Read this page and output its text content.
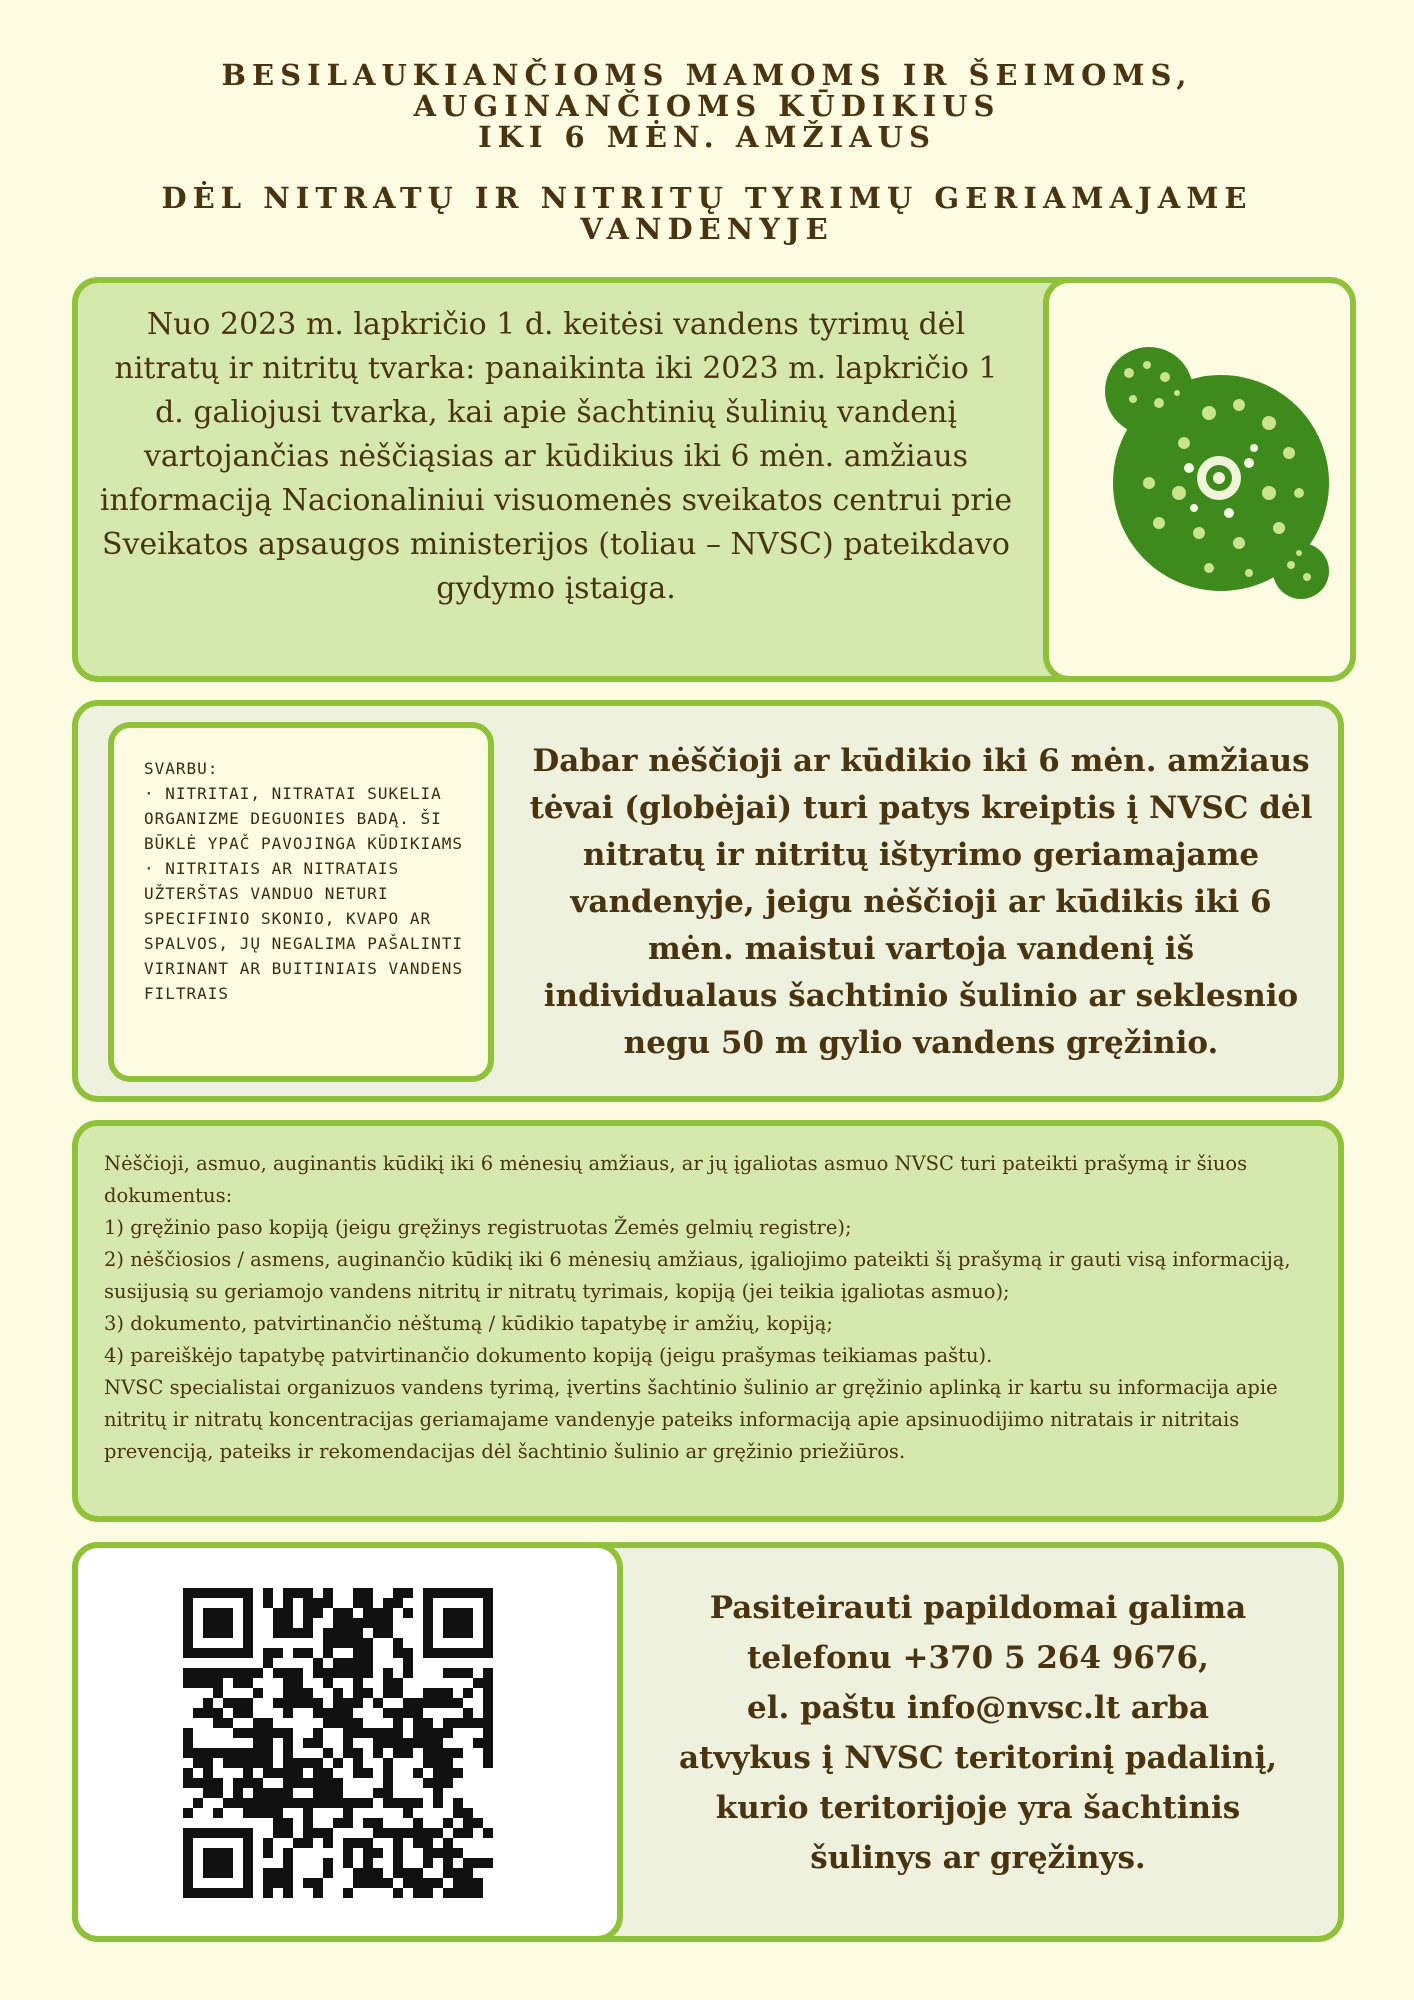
BESILAUKIANČIOMS MAMOMS IR ŠEIMOMS,
AUGINANČIOMS KŪDIKIUS
IKI 6 MĖN. AMŽIAUS
DĖL NITRATŲ IR NITRITŲ TYRIMŲ GERIAMAJAME
VANDENYJE
Nuo 2023 m. lapkričio 1 d. keitėsi vandens tyrimų dėl nitratų ir nitritų tvarka: panaikinta iki 2023 m. lapkričio 1 d. galiojusi tvarka, kai apie šachtinių šulinių vandenį vartojančias nėščiąsias ar kūdikius iki 6 mėn. amžiaus informaciją Nacionaliniui visuomenės sveikatos centrui prie Sveikatos apsaugos ministerijos (toliau – NVSC) pateikdavo gydymo įstaiga.
SVARBU:
· NITRITAI, NITRATAI SUKELIA ORGANIZME DEGUONIES BADĄ. ŠI BŪKLĖ YPAČ PAVOJINGA KŪDIKIAMS
· NITRITAIS AR NITRATAIS UŽTERŠTAS VANDUO NETURI SPECIFINIO SKONIO, KVAPO AR SPALVOS, JŲ NEGALIMA PAŠALINTI VIRINANT AR BUITINIAIS VANDENS FILTRAIS
Dabar nėščioji ar kūdikio iki 6 mėn. amžiaus tėvai (globėjai) turi patys kreiptis į NVSC dėl nitratų ir nitritų ištyrimo geriamajame vandenyje, jeigu nėščioji ar kūdikis iki 6 mėn. maistui vartoja vandenį iš individualaus šachtinio šulinio ar seklesnio negu 50 m gylio vandens gręžinio.
Nėščioji, asmuo, auginantis kūdikį iki 6 mėnesių amžiaus, ar jų įgaliotas asmuo NVSC turi pateikti prašymą ir šiuos dokumentus:
1) gręžinio paso kopiją (jeigu gręžinys registruotas Žemės gelmių registre);
2) nėščiosios / asmens, auginančio kūdikį iki 6 mėnesių amžiaus, įgaliojimo pateikti šį prašymą ir gauti visą informaciją, susijusią su geriamojo vandens nitritų ir nitratų tyrimais, kopiją (jei teikia įgaliotas asmuo);
3) dokumento, patvirtinančio nėštumą / kūdikio tapatybę ir amžių, kopiją;
4) pareiškėjo tapatybę patvirtinančio dokumento kopiją (jeigu prašymas teikiamas paštu).
NVSC specialistai organizuos vandens tyrimą, įvertins šachtinio šulinio ar gręžinio aplinką ir kartu su informacija apie nitritų ir nitratų koncentracijas geriamajame vandenyje pateiks informaciją apie apsinuodijimo nitratais ir nitritais prevenciją, pateiks ir rekomendacijas dėl šachtinio šulinio ar gręžinio priežiūros.
Pasiteirauti papildomai galima
telefonu +370 5 264 9676,
el. paštu info@nvsc.lt arba
atvykus į NVSC teritorinį padalinį,
kurio teritorijoje yra šachtinis
šulinys ar gręžinys.
